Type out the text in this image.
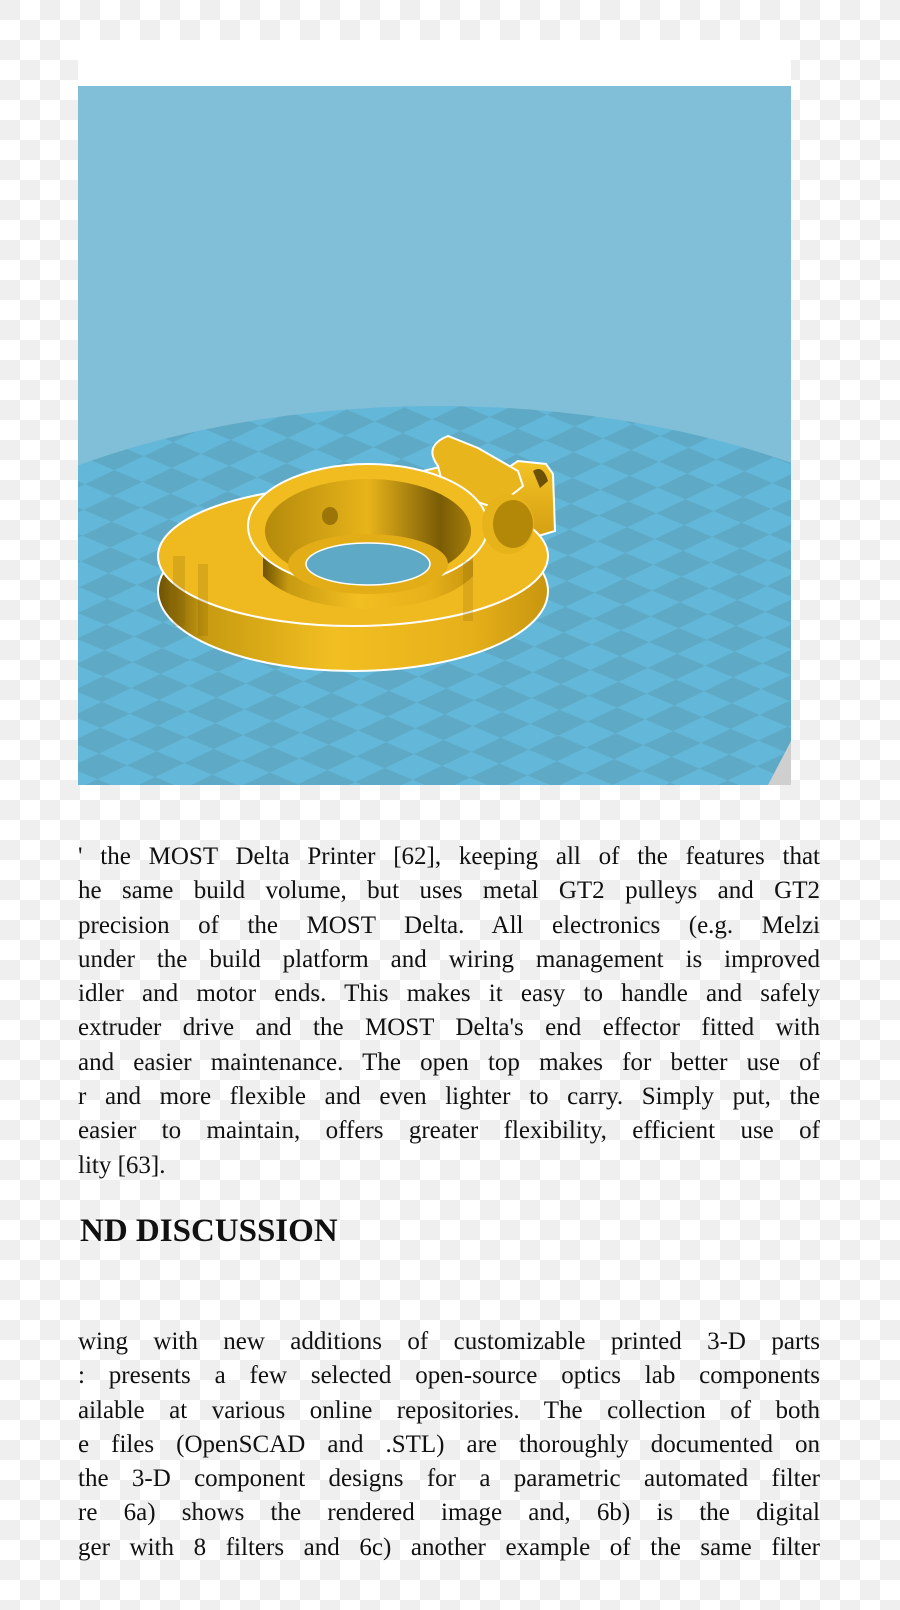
' the MOST Delta Printer [62], keeping all of the features that
he same build volume, but uses metal GT2 pulleys and GT2
precision of the MOST Delta. All electronics (e.g. Melzi
under the build platform and wiring management is improved
idler and motor ends. This makes it easy to handle and safely
extruder drive and the MOST Delta's end effector fitted with
and easier maintenance. The open top makes for better use of
r and more flexible and even lighter to carry. Simply put, the
easier to maintain, offers greater flexibility, efficient use of
lity [63].
ND DISCUSSION
wing with new additions of customizable printed 3-D parts
: presents a few selected open-source optics lab components
ailable at various online repositories. The collection of both
e files (OpenSCAD and .STL) are thoroughly documented on
the 3-D component designs for a parametric automated filter
re 6a) shows the rendered image and, 6b) is the digital
ger with 8 filters and 6c) another example of the same filter
